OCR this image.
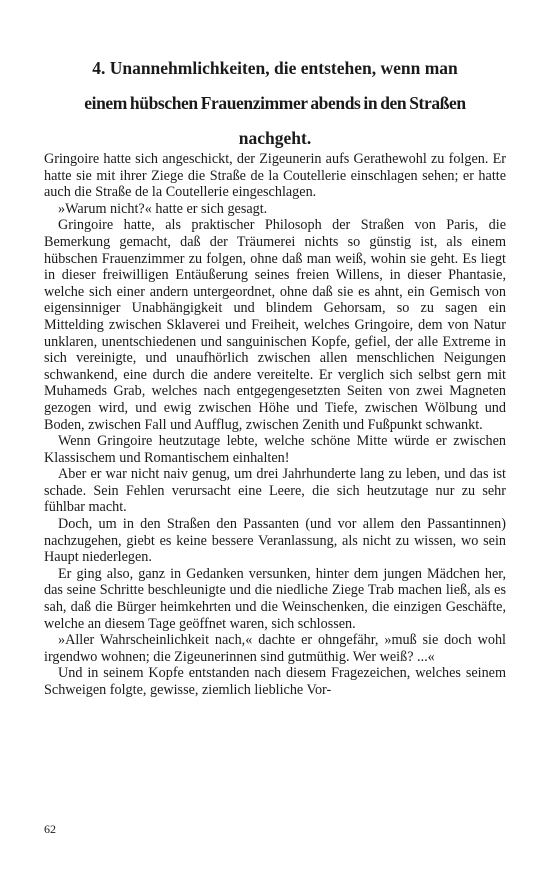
4. Unannehmlichkeiten, die entstehen, wenn man
einem hübschen Frauenzimmer abends in den Straßen
nachgeht.

Gringoire hatte sich angeschickt, der Zigeunerin aufs Gerathewohl zu folgen. Er hatte sie mit ihrer Ziege die Straße de la Coutellerie einschlagen sehen; er hatte auch die Straße de la Coutellerie eingeschlagen.

»Warum nicht?« hatte er sich gesagt.

Gringoire hatte, als praktischer Philosoph der Straßen von Paris, die Bemerkung gemacht, daß der Träumerei nichts so günstig ist, als einem hübschen Frauenzimmer zu folgen, ohne daß man weiß, wohin sie geht. Es liegt in dieser freiwilligen Entäußerung seines freien Willens, in dieser Phantasie, welche sich einer andern untergeordnet, ohne daß sie es ahnt, ein Gemisch von eigensinniger Unabhängigkeit und blindem Gehorsam, so zu sagen ein Mittelding zwischen Sklaverei und Freiheit, welches Gringoire, dem von Natur unklaren, unentschiedenen und sanguinischen Kopfe, gefiel, der alle Extreme in sich vereinigte, und unaufhörlich zwischen allen menschlichen Neigungen schwankend, eine durch die andere vereitelte. Er verglich sich selbst gern mit Muhameds Grab, welches nach entgegengesetzten Seiten von zwei Magneten gezogen wird, und ewig zwischen Höhe und Tiefe, zwischen Wölbung und Boden, zwischen Fall und Aufflug, zwischen Zenith und Fußpunkt schwankt.

Wenn Gringoire heutzutage lebte, welche schöne Mitte würde er zwischen Klassischem und Romantischem einhalten!

Aber er war nicht naiv genug, um drei Jahrhunderte lang zu leben, und das ist schade. Sein Fehlen verursacht eine Leere, die sich heutzutage nur zu sehr fühlbar macht.

Doch, um in den Straßen den Passanten (und vor allem den Passantinnen) nachzugehen, giebt es keine bessere Veranlassung, als nicht zu wissen, wo sein Haupt niederlegen.

Er ging also, ganz in Gedanken versunken, hinter dem jungen Mädchen her, das seine Schritte beschleunigte und die niedliche Ziege Trab machen ließ, als es sah, daß die Bürger heimkehrten und die Weinschenken, die einzigen Geschäfte, welche an diesem Tage geöffnet waren, sich schlossen.

»Aller Wahrscheinlichkeit nach,« dachte er ohngefähr, »muß sie doch wohl irgendwo wohnen; die Zigeunerinnen sind gutmüthig. Wer weiß? ...«

Und in seinem Kopfe entstanden nach diesem Fragezeichen, welches seinem Schweigen folgte, gewisse, ziemlich liebliche Vor-

62
